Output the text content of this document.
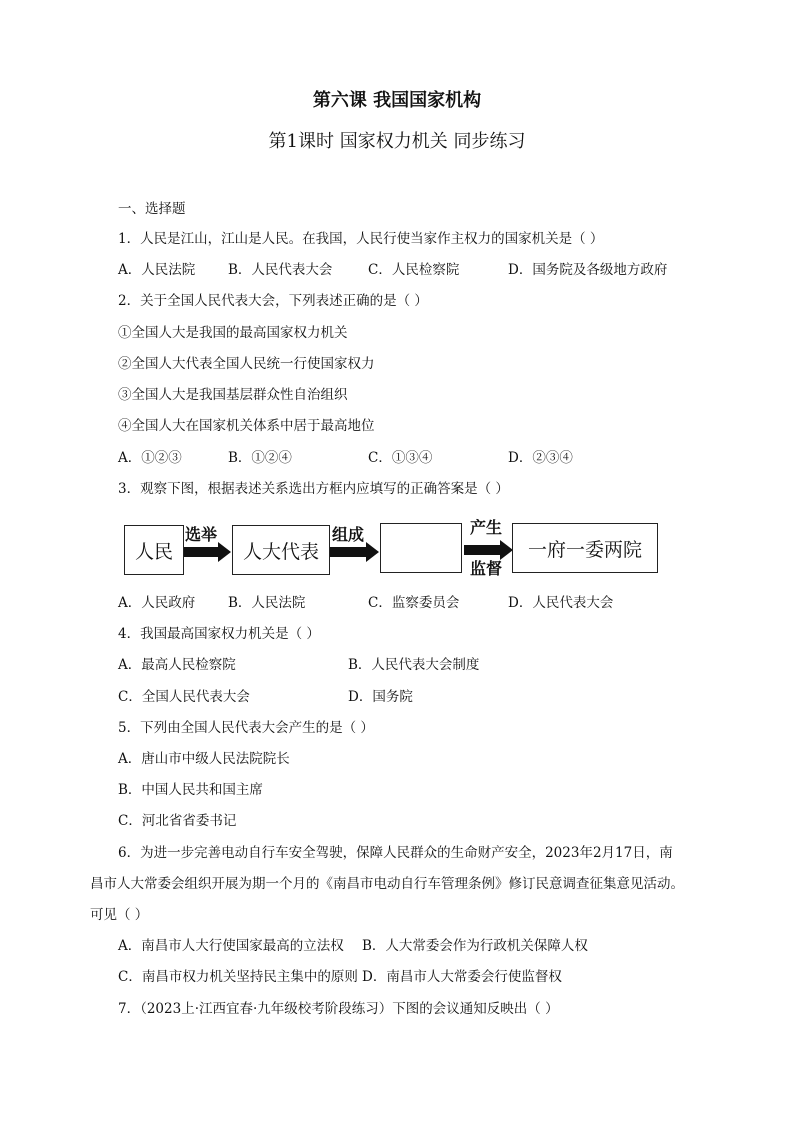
第六课 我国国家机构
第1课时 国家权力机关 同步练习
一、选择题
1．人民是江山，江山是人民。在我国，人民行使当家作主权力的国家机关是（ ）
A．人民法院 B．人民代表大会	C．人民检察院	D．国务院及各级地方政府
2．关于全国人民代表大会，下列表述正确的是（ ）
①全国人大是我国的最高国家权力机关
②全国人大代表全国人民统一行使国家权力
③全国人大是我国基层群众性自治组织
④全国人大在国家机关体系中居于最高地位
A．①②③	B．①②④	C．①③④	D．②③④
3．观察下图，根据表述关系选出方框内应填写的正确答案是（ ）
人民
选举
人大代表
组成	产生
监督
一府一委两院
A．人民政府 B．人民法院	C．监察委员会	D．人民代表大会
4．我国最高国家权力机关是（ ）
A．最高人民检察院	B．人民代表大会制度
C．全国人民代表大会	D．国务院
5．下列由全国人民代表大会产生的是（ ）
A．唐山市中级人民法院院长
B．中国人民共和国主席
C．河北省省委书记
6．为进一步完善电动自行车安全驾驶，保障人民群众的生命财产安全，2023年2月17日，南
昌市人大常委会组织开展为期一个月的《南昌市电动自行车管理条例》修订民意调查征集意见活动。
可见（ ）
A．南昌市人大行使国家最高的立法权 B．人大常委会作为行政机关保障人权
C．南昌市权力机关坚持民主集中的原则 D．南昌市人大常委会行使监督权
7．（2023上·江西宜春·九年级校考阶段练习）下图的会议通知反映出（ ）
